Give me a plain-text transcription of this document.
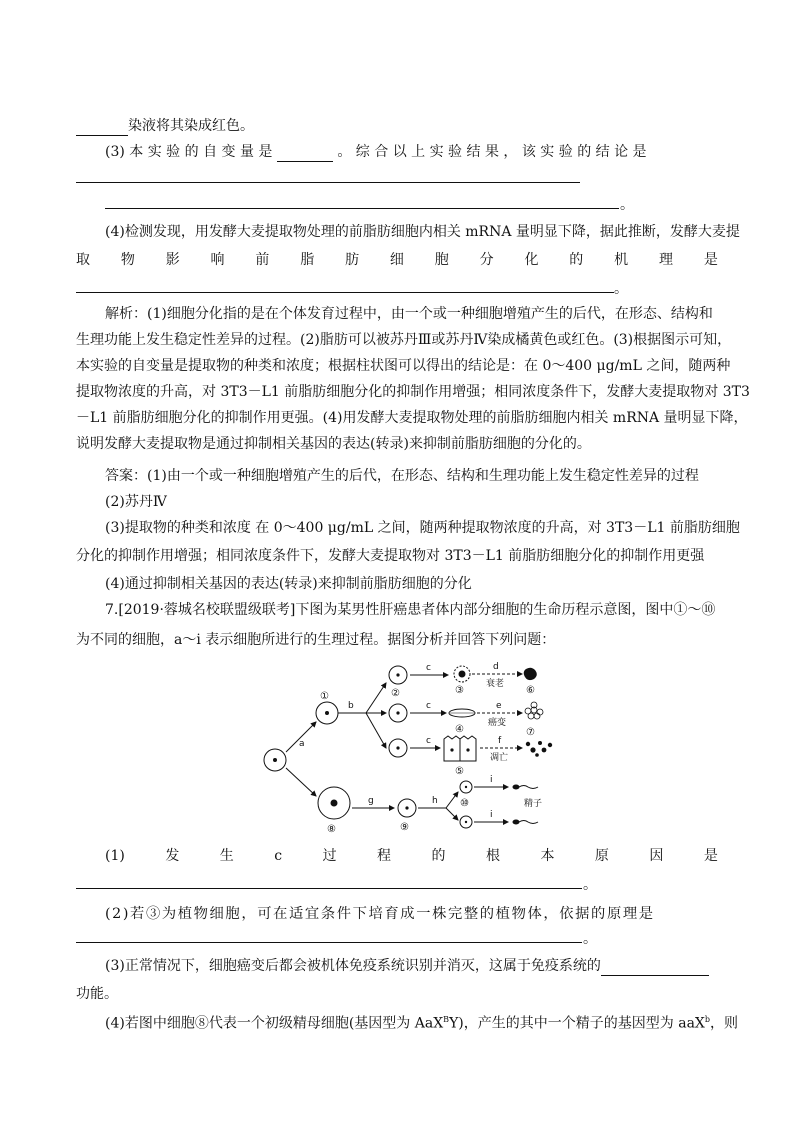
染液将其染成红色。
(3) 本 实 验 的 自 变 量 是	。 综 合 以 上 实 验 结 果 ， 该 实 验 的 结 论 是
。
(4)检测发现，用发酵大麦提取物处理的前脂肪细胞内相关 mRNA 量明显下降，据此推断，发酵大麦提
取 物 影 响 前 脂 肪 细 胞 分 化 的 机 理 是
。
解析：(1)细胞分化指的是在个体发育过程中，由一个或一种细胞增殖产生的后代，在形态、结构和
生理功能上发生稳定性差异的过程。(2)脂肪可以被苏丹Ⅲ或苏丹Ⅳ染成橘黄色或红色。(3)根据图示可知，
本实验的自变量是提取物的种类和浓度；根据柱状图可以得出的结论是：在 0～400 μg/mL 之间，随两种
提取物浓度的升高，对 3T3－L1 前脂肪细胞分化的抑制作用增强；相同浓度条件下，发酵大麦提取物对 3T3
－L1 前脂肪细胞分化的抑制作用更强。(4)用发酵大麦提取物处理的前脂肪细胞内相关 mRNA 量明显下降，
说明发酵大麦提取物是通过抑制相关基因的表达(转录)来抑制前脂肪细胞的分化的。
答案：(1)由一个或一种细胞增殖产生的后代，在形态、结构和生理功能上发生稳定性差异的过程
(2)苏丹Ⅳ
(3)提取物的种类和浓度 在 0～400 μg/mL 之间，随两种提取物浓度的升高，对 3T3－L1 前脂肪细胞
分化的抑制作用增强；相同浓度条件下，发酵大麦提取物对 3T3－L1 前脂肪细胞分化的抑制作用更强
(4)通过抑制相关基因的表达(转录)来抑制前脂肪细胞的分化
7.[2019·蓉城名校联盟级联考]下图为某男性肝癌患者体内部分细胞的生命历程示意图，图中①～⑩
为不同的细胞，a～i 表示细胞所进行的生理过程。据图分析并回答下列问题：
a
①
b
②
c
③
d
衰老
⑥
c
④
e
癌变
⑦
c
⑤
f
凋亡
⑧
g
⑨
h ⑩
i
i
精子
(1)	发	生	c	过	程	的	根	本	原	因	是
。
(2)若③为植物细胞，可在适宜条件下培育成一株完整的植物体，依据的原理是
。
(3)正常情况下，细胞癌变后都会被机体免疫系统识别并消灭，这属于免疫系统的
功能。
(4)若图中细胞⑧代表一个初级精母细胞(基因型为 AaX$^B$Y)，产生的其中一个精子的基因型为 aaX$^b$，则
